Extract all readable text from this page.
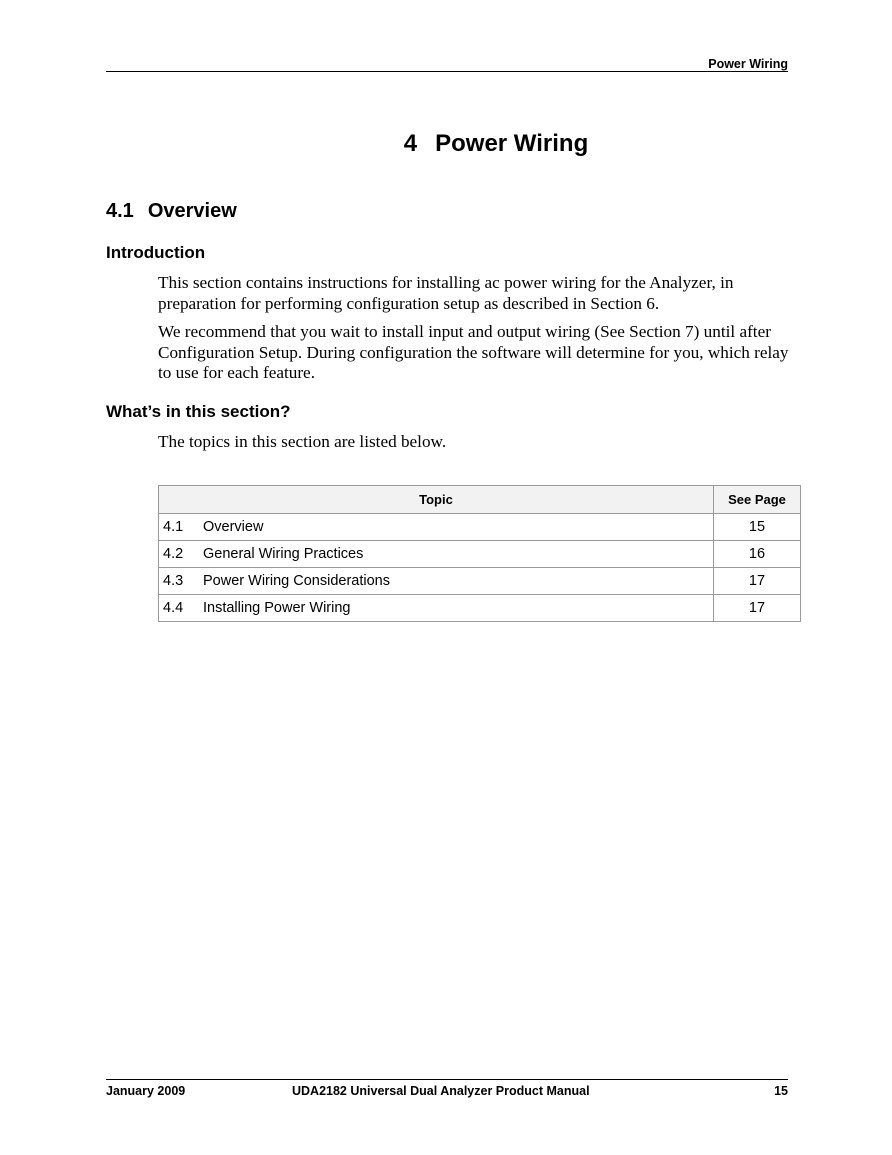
Power Wiring
4 Power Wiring
4.1 Overview
Introduction
This section contains instructions for installing ac power wiring for the Analyzer, in preparation for performing configuration setup as described in Section 6.
We recommend that you wait to install input and output wiring (See Section 7) until after Configuration Setup. During configuration the software will determine for you, which relay to use for each feature.
What’s in this section?
The topics in this section are listed below.
Topic	See Page
4.1 Overview	15
4.2 General Wiring Practices	16
4.3 Power Wiring Considerations	17
4.4 Installing Power Wiring	17
January 2009	UDA2182 Universal Dual Analyzer Product Manual	15
